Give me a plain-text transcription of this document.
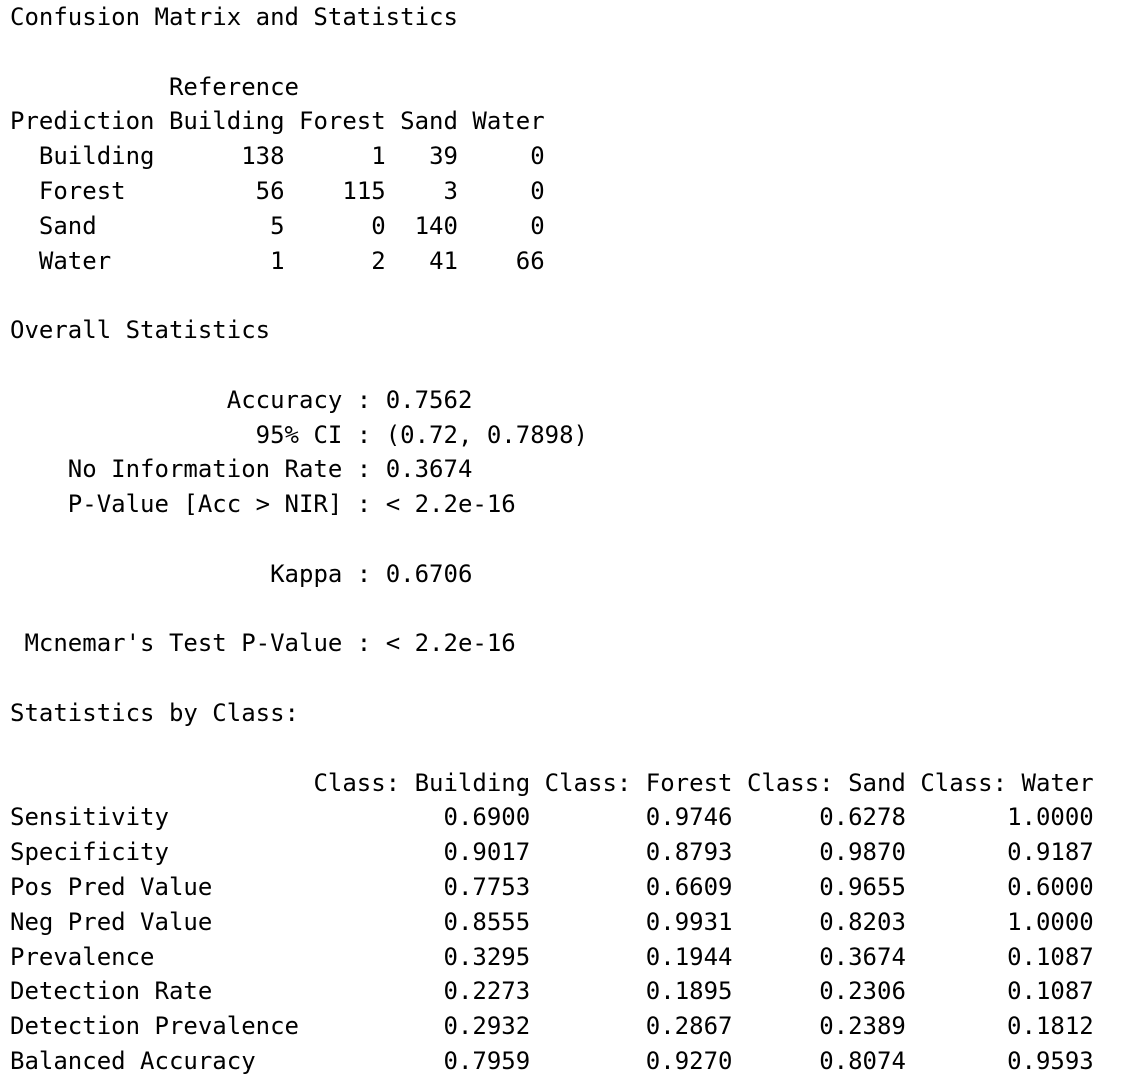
Confusion Matrix and Statistics
Reference
Prediction Building Forest Sand Water
Building	138	1 39	0
Forest	56 115 3	0
Sand	5	0 140	0
Water	1	2 41 66
Overall Statistics
Accuracy : 0.7562
95% CI : (0.72, 0.7898)
No Information Rate : 0.3674
P-Value [Acc > NIR] : < 2.2e-16
Kappa : 0.6706
Mcnemar's Test P-Value : < 2.2e-16
Statistics by Class:
Class: Building Class: Forest Class: Sand Class: Water
Sensitivity	0.6900	0.9746	0.6278	1.0000
Specificity	0.9017	0.8793	0.9870	0.9187
Pos Pred Value	0.7753	0.6609	0.9655	0.6000
Neg Pred Value	0.8555	0.9931	0.8203	1.0000
Prevalence	0.3295	0.1944	0.3674	0.1087
Detection Rate	0.2273	0.1895	0.2306	0.1087
Detection Prevalence	0.2932	0.2867	0.2389	0.1812
Balanced Accuracy	0.7959	0.9270	0.8074	0.9593
